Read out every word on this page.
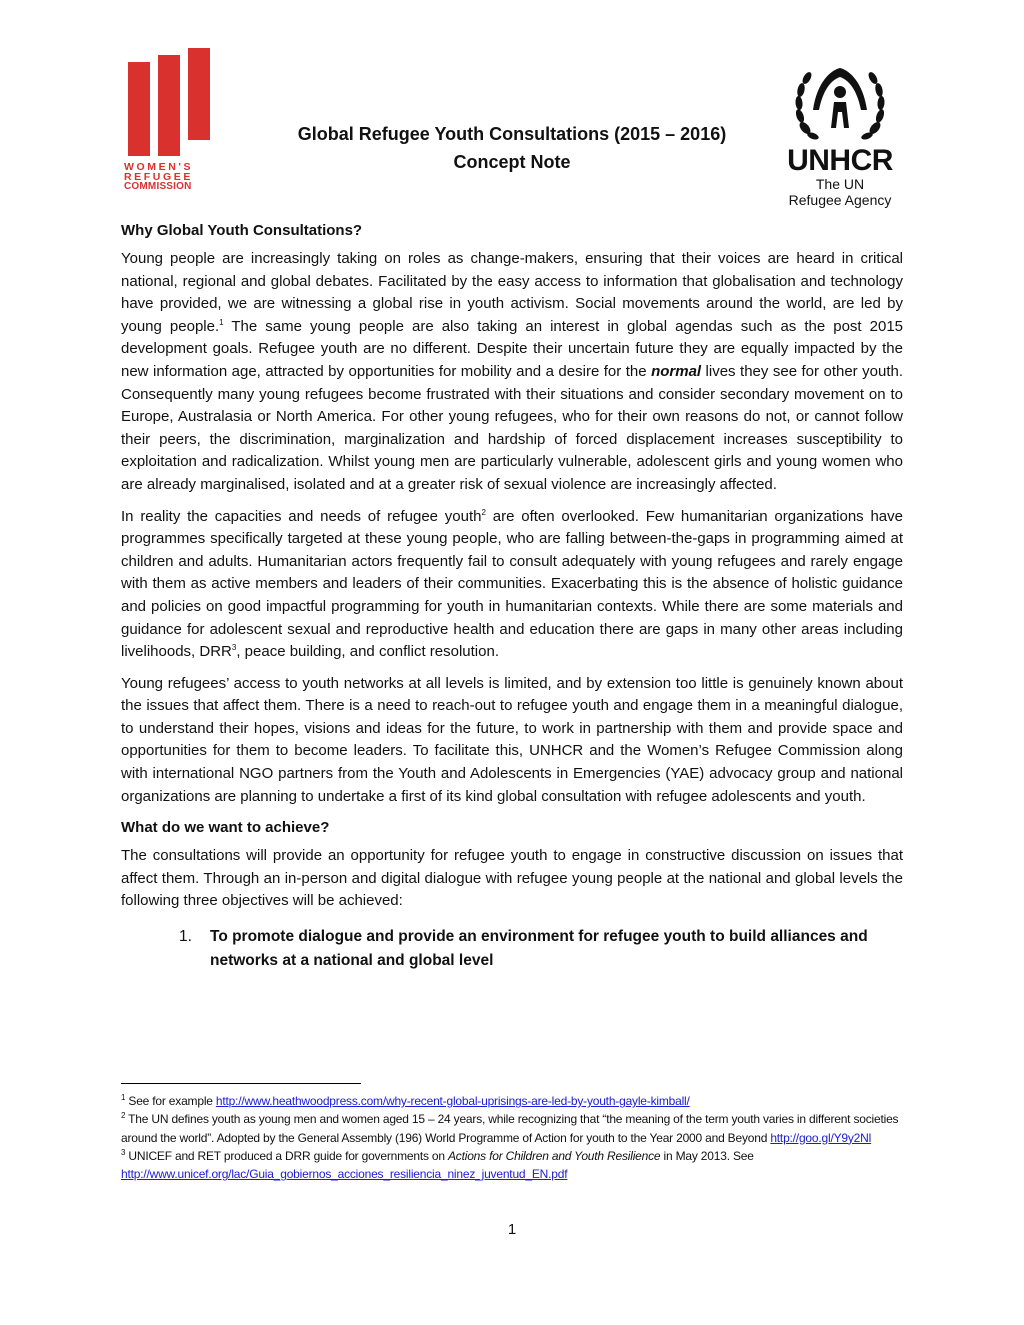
WOMEN'S
REFUGEE
COMMISSION
UNHCR
The UN
Refugee Agency
Global Refugee Youth Consultations (2015 – 2016)
Concept Note
Why Global Youth Consultations?

Young people are increasingly taking on roles as change-makers, ensuring that their voices are heard in critical national, regional and global debates. Facilitated by the easy access to information that globalisation and technology have provided, we are witnessing a global rise in youth activism. Social movements around the world, are led by young people.$^1$ The same young people are also taking an interest in global agendas such as the post 2015 development goals. Refugee youth are no different. Despite their uncertain future they are equally impacted by the new information age, attracted by opportunities for mobility and a desire for the normal lives they see for other youth. Consequently many young refugees become frustrated with their situations and consider secondary movement on to Europe, Australasia or North America. For other young refugees, who for their own reasons do not, or cannot follow their peers, the discrimination, marginalization and hardship of forced displacement increases susceptibility to exploitation and radicalization. Whilst young men are particularly vulnerable, adolescent girls and young women who are already marginalised, isolated and at a greater risk of sexual violence are increasingly affected.

In reality the capacities and needs of refugee youth$^2$ are often overlooked. Few humanitarian organizations have programmes specifically targeted at these young people, who are falling between-the-gaps in programming aimed at children and adults. Humanitarian actors frequently fail to consult adequately with young refugees and rarely engage with them as active members and leaders of their communities. Exacerbating this is the absence of holistic guidance and policies on good impactful programming for youth in humanitarian contexts. While there are some materials and guidance for adolescent sexual and reproductive health and education there are gaps in many other areas including livelihoods, DRR$^3$, peace building, and conflict resolution.

Young refugees’ access to youth networks at all levels is limited, and by extension too little is genuinely known about the issues that affect them. There is a need to reach-out to refugee youth and engage them in a meaningful dialogue, to understand their hopes, visions and ideas for the future, to work in partnership with them and provide space and opportunities for them to become leaders. To facilitate this, UNHCR and the Women’s Refugee Commission along with international NGO partners from the Youth and Adolescents in Emergencies (YAE) advocacy group and national organizations are planning to undertake a first of its kind global consultation with refugee adolescents and youth.

What do we want to achieve?

The consultations will provide an opportunity for refugee youth to engage in constructive discussion on issues that affect them. Through an in-person and digital dialogue with refugee young people at the national and global levels the following three objectives will be achieved:

1. To promote dialogue and provide an environment for refugee youth to build alliances and networks at a national and global level

$^1$ See for example http://www.heathwoodpress.com/why-recent-global-uprisings-are-led-by-youth-gayle-kimball/

$^2$ The UN defines youth as young men and women aged 15 – 24 years, while recognizing that “the meaning of the term youth varies in different societies around the world”. Adopted by the General Assembly (196) World Programme of Action for youth to the Year 2000 and Beyond http://goo.gl/Y9y2Nl

$^3$ UNICEF and RET produced a DRR guide for governments on Actions for Children and Youth Resilience in May 2013. See
http://www.unicef.org/lac/Guia_gobiernos_acciones_resiliencia_ninez_juventud_EN.pdf

1
